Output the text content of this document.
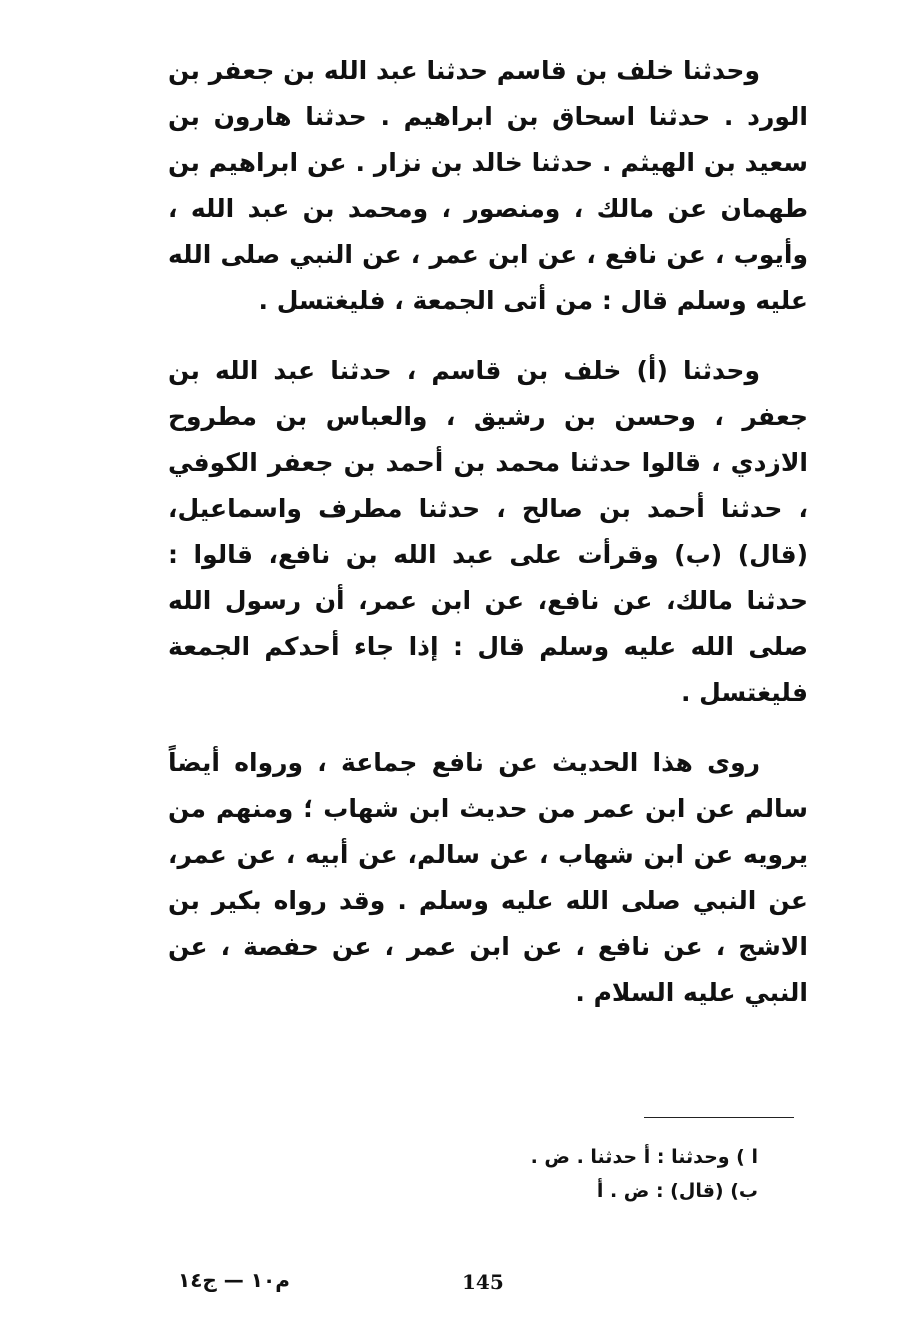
وحدثنا خلف بن قاسم حدثنا عبد الله بن جعفر بن الورد . حدثنا اسحاق بن ابراهيم . حدثنا هارون بن سعيد بن الهيثم . حدثنا خالد بن نزار . عن ابراهيم بن طهمان عن مالك ، ومنصور ، ومحمد بن عبد الله ، وأيوب ، عن نافع ، عن ابن عمر ، عن النبي صلى الله عليه وسلم قال : من أتى الجمعة ، فليغتسل .

وحدثنا (أ) خلف بن قاسم ، حدثنا عبد الله بن جعفر ، وحسن بن رشيق ، والعباس بن مطروح الازدي ، قالوا حدثنا محمد بن أحمد بن جعفر الكوفي ، حدثنا أحمد بن صالح ، حدثنا مطرف واسماعيل، (قال) (ب) وقرأت على عبد الله بن نافع، قالوا : حدثنا مالك، عن نافع، عن ابن عمر، أن رسول الله صلى الله عليه وسلم قال : إذا جاء أحدكم الجمعة فليغتسل .

روى هذا الحديث عن نافع جماعة ، ورواه أيضاً سالم عن ابن عمر من حديث ابن شهاب ؛ ومنهم من يرويه عن ابن شهاب ، عن سالم، عن أبيه ، عن عمر، عن النبي صلى الله عليه وسلم . وقد رواه بكير بن الاشج ، عن نافع ، عن ابن عمر ، عن حفصة ، عن النبي عليه السلام .

ا ) وحدثنا : أ حدثنا . ض .
ب) (قال) : ض . أ
م١٠ — ج١٤	145
